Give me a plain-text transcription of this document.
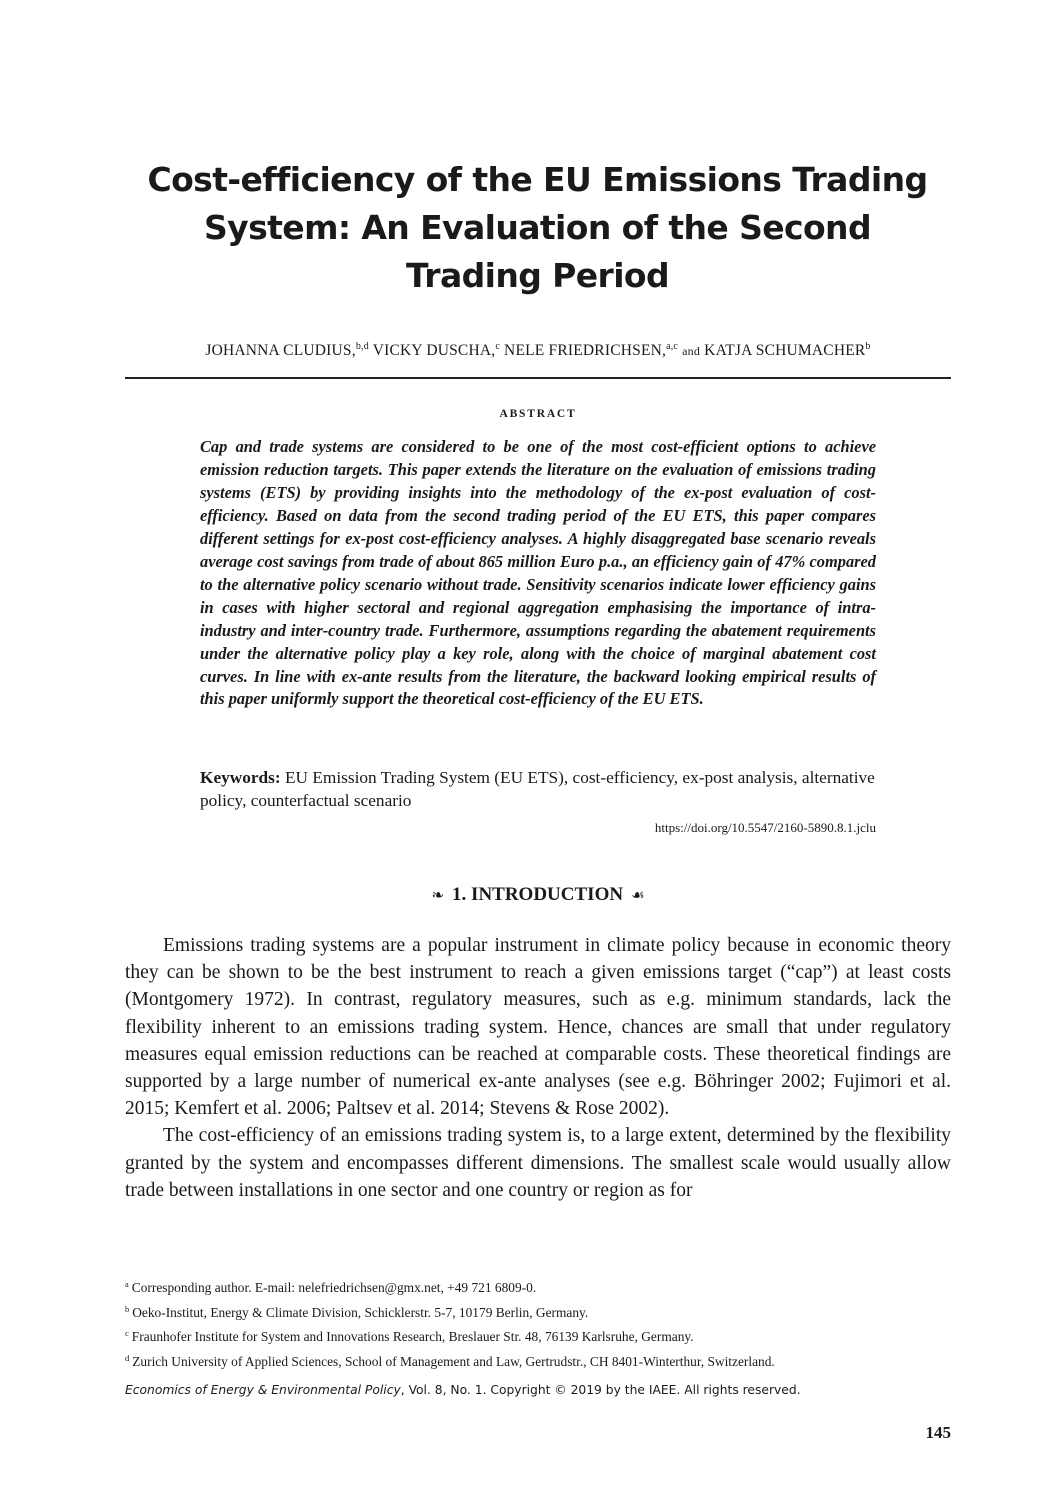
Cost-efficiency of the EU Emissions Trading
System: An Evaluation of the Second
Trading Period
JOHANNA CLUDIUS,$^{b,d}$ VICKY DUSCHA,$^c$ NELE FRIEDRICHSEN,$^{a,c}$ and KATJA SCHUMACHER$^b$
ABSTRACT

Cap and trade systems are considered to be one of the most cost-efficient options to achieve emission reduction targets. This paper extends the literature on the evaluation of emissions trading systems (ETS) by providing insights into the methodology of the ex-post evaluation of cost-efficiency. Based on data from the second trading period of the EU ETS, this paper compares different settings for ex-post cost-efficiency analyses. A highly disaggregated base scenario reveals average cost savings from trade of about 865 million Euro p.a., an efficiency gain of 47% compared to the alternative policy scenario without trade. Sensitivity scenarios indicate lower efficiency gains in cases with higher sectoral and regional aggregation emphasising the importance of intra-industry and inter-country trade. Furthermore, assumptions regarding the abatement requirements under the alternative policy play a key role, along with the choice of marginal abatement cost curves. In line with ex-ante results from the literature, the backward looking empirical results of this paper uniformly support the theoretical cost-efficiency of the EU ETS.

Keywords: EU Emission Trading System (EU ETS), cost-efficiency, ex-post analysis, alternative policy, counterfactual scenario

https://doi.org/10.5547/2160-5890.8.1.jclu
❧ 1. INTRODUCTION ☙

Emissions trading systems are a popular instrument in climate policy because in economic theory they can be shown to be the best instrument to reach a given emissions target (“cap”) at least costs (Montgomery 1972). In contrast, regulatory measures, such as e.g. minimum standards, lack the flexibility inherent to an emissions trading system. Hence, chances are small that under regulatory measures equal emission reductions can be reached at comparable costs. These theoretical findings are supported by a large number of numerical ex-ante analyses (see e.g. Böhringer 2002; Fujimori et al. 2015; Kemfert et al. 2006; Paltsev et al. 2014; Stevens & Rose 2002).

The cost-efficiency of an emissions trading system is, to a large extent, determined by the flexibility granted by the system and encompasses different dimensions. The smallest scale would usually allow trade between installations in one sector and one country or region as for

$^a$ Corresponding author. E-mail: nelefriedrichsen@gmx.net, +49 721 6809-0.
$^b$ Oeko-Institut, Energy & Climate Division, Schicklerstr. 5-7, 10179 Berlin, Germany.
$^c$ Fraunhofer Institute for System and Innovations Research, Breslauer Str. 48, 76139 Karlsruhe, Germany.
$^d$ Zurich University of Applied Sciences, School of Management and Law, Gertrudstr., CH 8401-Winterthur, Switzerland.
Economics of Energy & Environmental Policy, Vol. 8, No. 1. Copyright © 2019 by the IAEE. All rights reserved.
145
